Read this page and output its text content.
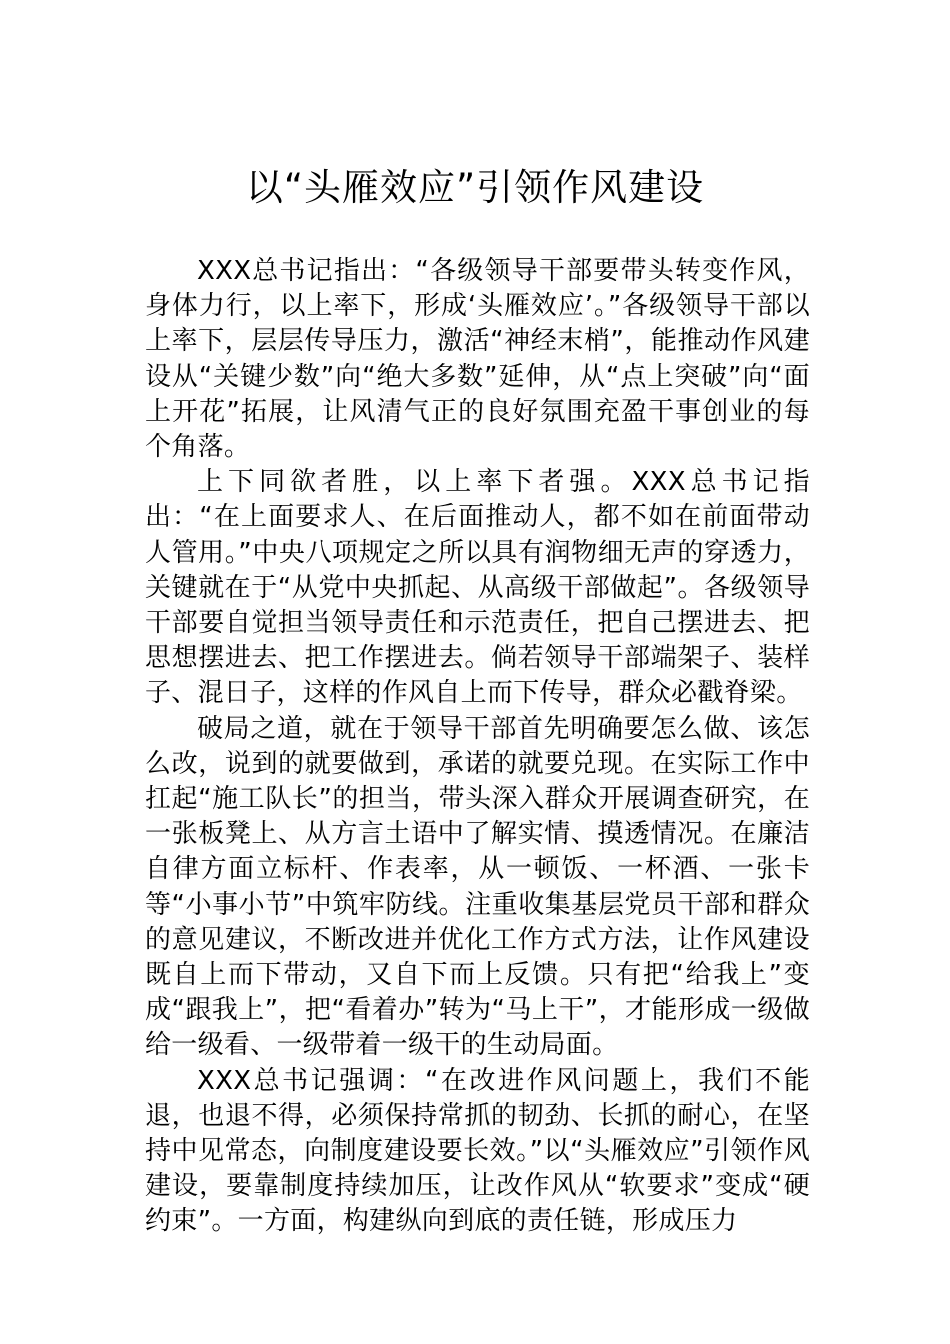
以“头雁效应”引领作风建设

XXX总书记指出：“各级领导干部要带头转变作风，身体力行，以上率下，形成‘头雁效应’。”各级领导干部以上率下，层层传导压力，激活“神经末梢”，能推动作风建设从“关键少数”向“绝大多数”延伸，从“点上突破”向“面上开花”拓展，让风清气正的良好氛围充盈干事创业的每个角落。

上下同欲者胜，以上率下者强。XXX总书记指出：“在上面要求人、在后面推动人，都不如在前面带动人管用。”中央八项规定之所以具有润物细无声的穿透力，关键就在于“从党中央抓起、从高级干部做起”。各级领导干部要自觉担当领导责任和示范责任，把自己摆进去、把思想摆进去、把工作摆进去。倘若领导干部端架子、装样子、混日子，这样的作风自上而下传导，群众必戳脊梁。

破局之道，就在于领导干部首先明确要怎么做、该怎么改，说到的就要做到，承诺的就要兑现。在实际工作中扛起“施工队长”的担当，带头深入群众开展调查研究，在一张板凳上、从方言土语中了解实情、摸透情况。在廉洁自律方面立标杆、作表率，从一顿饭、一杯酒、一张卡等“小事小节”中筑牢防线。注重收集基层党员干部和群众的意见建议，不断改进并优化工作方式方法，让作风建设既自上而下带动，又自下而上反馈。只有把“给我上”变成“跟我上”，把“看着办”转为“马上干”，才能形成一级做给一级看、一级带着一级干的生动局面。

XXX总书记强调：“在改进作风问题上，我们不能退，也退不得，必须保持常抓的韧劲、长抓的耐心，在坚持中见常态，向制度建设要长效。”以“头雁效应”引领作风建设，要靠制度持续加压，让改作风从“软要求”变成“硬约束”。一方面，构建纵向到底的责任链，形成压力
